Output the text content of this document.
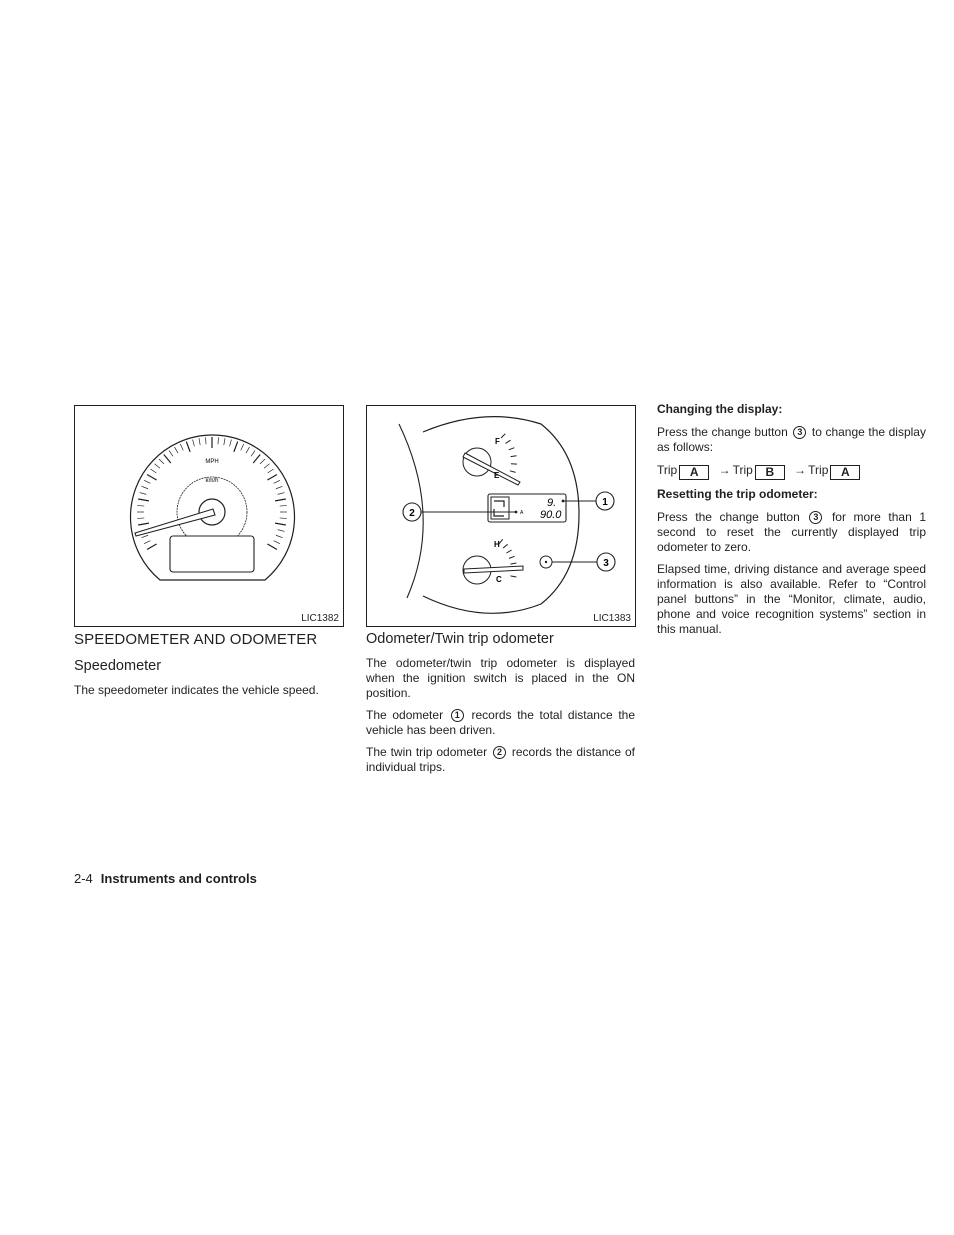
MPH
km/h
LIC1382
F
E
H
C
A
9.
90.0
2
1
3
LIC1383
SPEEDOMETER AND ODOMETER
Speedometer
The speedometer indicates the vehicle speed.
Odometer/Twin trip odometer
The odometer/twin trip odometer is displayed when the ignition switch is placed in the ON position.
The odometer 1 records the total distance the vehicle has been driven.
The twin trip odometer 2 records the distance of individual trips.
Changing the display:
Press the change button 3 to change the display as follows:
Trip A → Trip B → Trip A
Resetting the trip odometer:
Press the change button 3 for more than 1 second to reset the currently displayed trip odometer to zero.
Elapsed time, driving distance and average speed information is also available. Refer to “Control panel buttons” in the “Monitor, climate, audio, phone and voice recognition systems” section in this manual.
2-4 Instruments and controls
